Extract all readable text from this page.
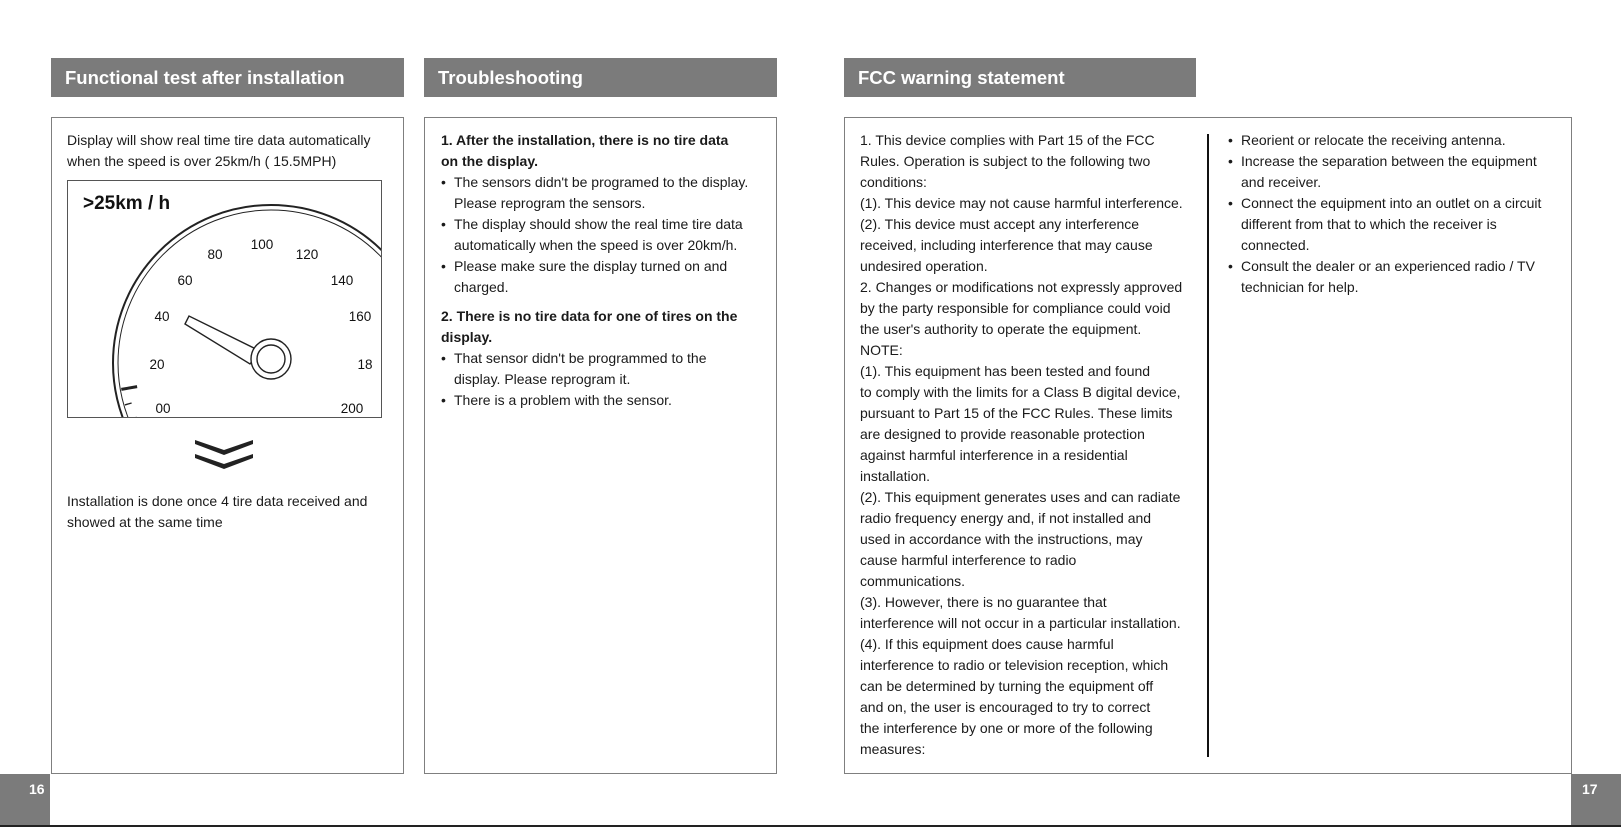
Functional test after installation	Troubleshooting	FCC warning statement
Display will show real time tire data automatically
when the speed is over 25km/h ( 15.5MPH)
>25km / h
00
20
40
60
80
100
120
140
160
18
200
Installation is done once 4 tire data received and
showed at the same time
1. After the installation, there is no tire data
on the display.
• The sensors didn't be programed to the display.
Please reprogram the sensors.
• The display should show the real time tire data
automatically when the speed is over 20km/h.
• Please make sure the display turned on and
charged.
2. There is no tire data for one of tires on the
display.
• That sensor didn't be programmed to the
display. Please reprogram it.
• There is a problem with the sensor.
1. This device complies with Part 15 of the FCC
Rules. Operation is subject to the following two
conditions:
(1). This device may not cause harmful interference.
(2). This device must accept any interference
received, including interference that may cause
undesired operation.
2. Changes or modifications not expressly approved
by the party responsible for compliance could void
the user's authority to operate the equipment.
NOTE:
(1). This equipment has been tested and found
to comply with the limits for a Class B digital device,
pursuant to Part 15 of the FCC Rules. These limits
are designed to provide reasonable protection
against harmful interference in a residential
installation.
(2). This equipment generates uses and can radiate
radio frequency energy and, if not installed and
used in accordance with the instructions, may
cause harmful interference to radio
communications.
(3). However, there is no guarantee that
interference will not occur in a particular installation.
(4). If this equipment does cause harmful
interference to radio or television reception, which
can be determined by turning the equipment off
and on, the user is encouraged to try to correct
the interference by one or more of the following
measures:
• Reorient or relocate the receiving antenna.
• Increase the separation between the equipment
and receiver.
• Connect the equipment into an outlet on a circuit
different from that to which the receiver is
connected.
• Consult the dealer or an experienced radio / TV
technician for help.
16	17
